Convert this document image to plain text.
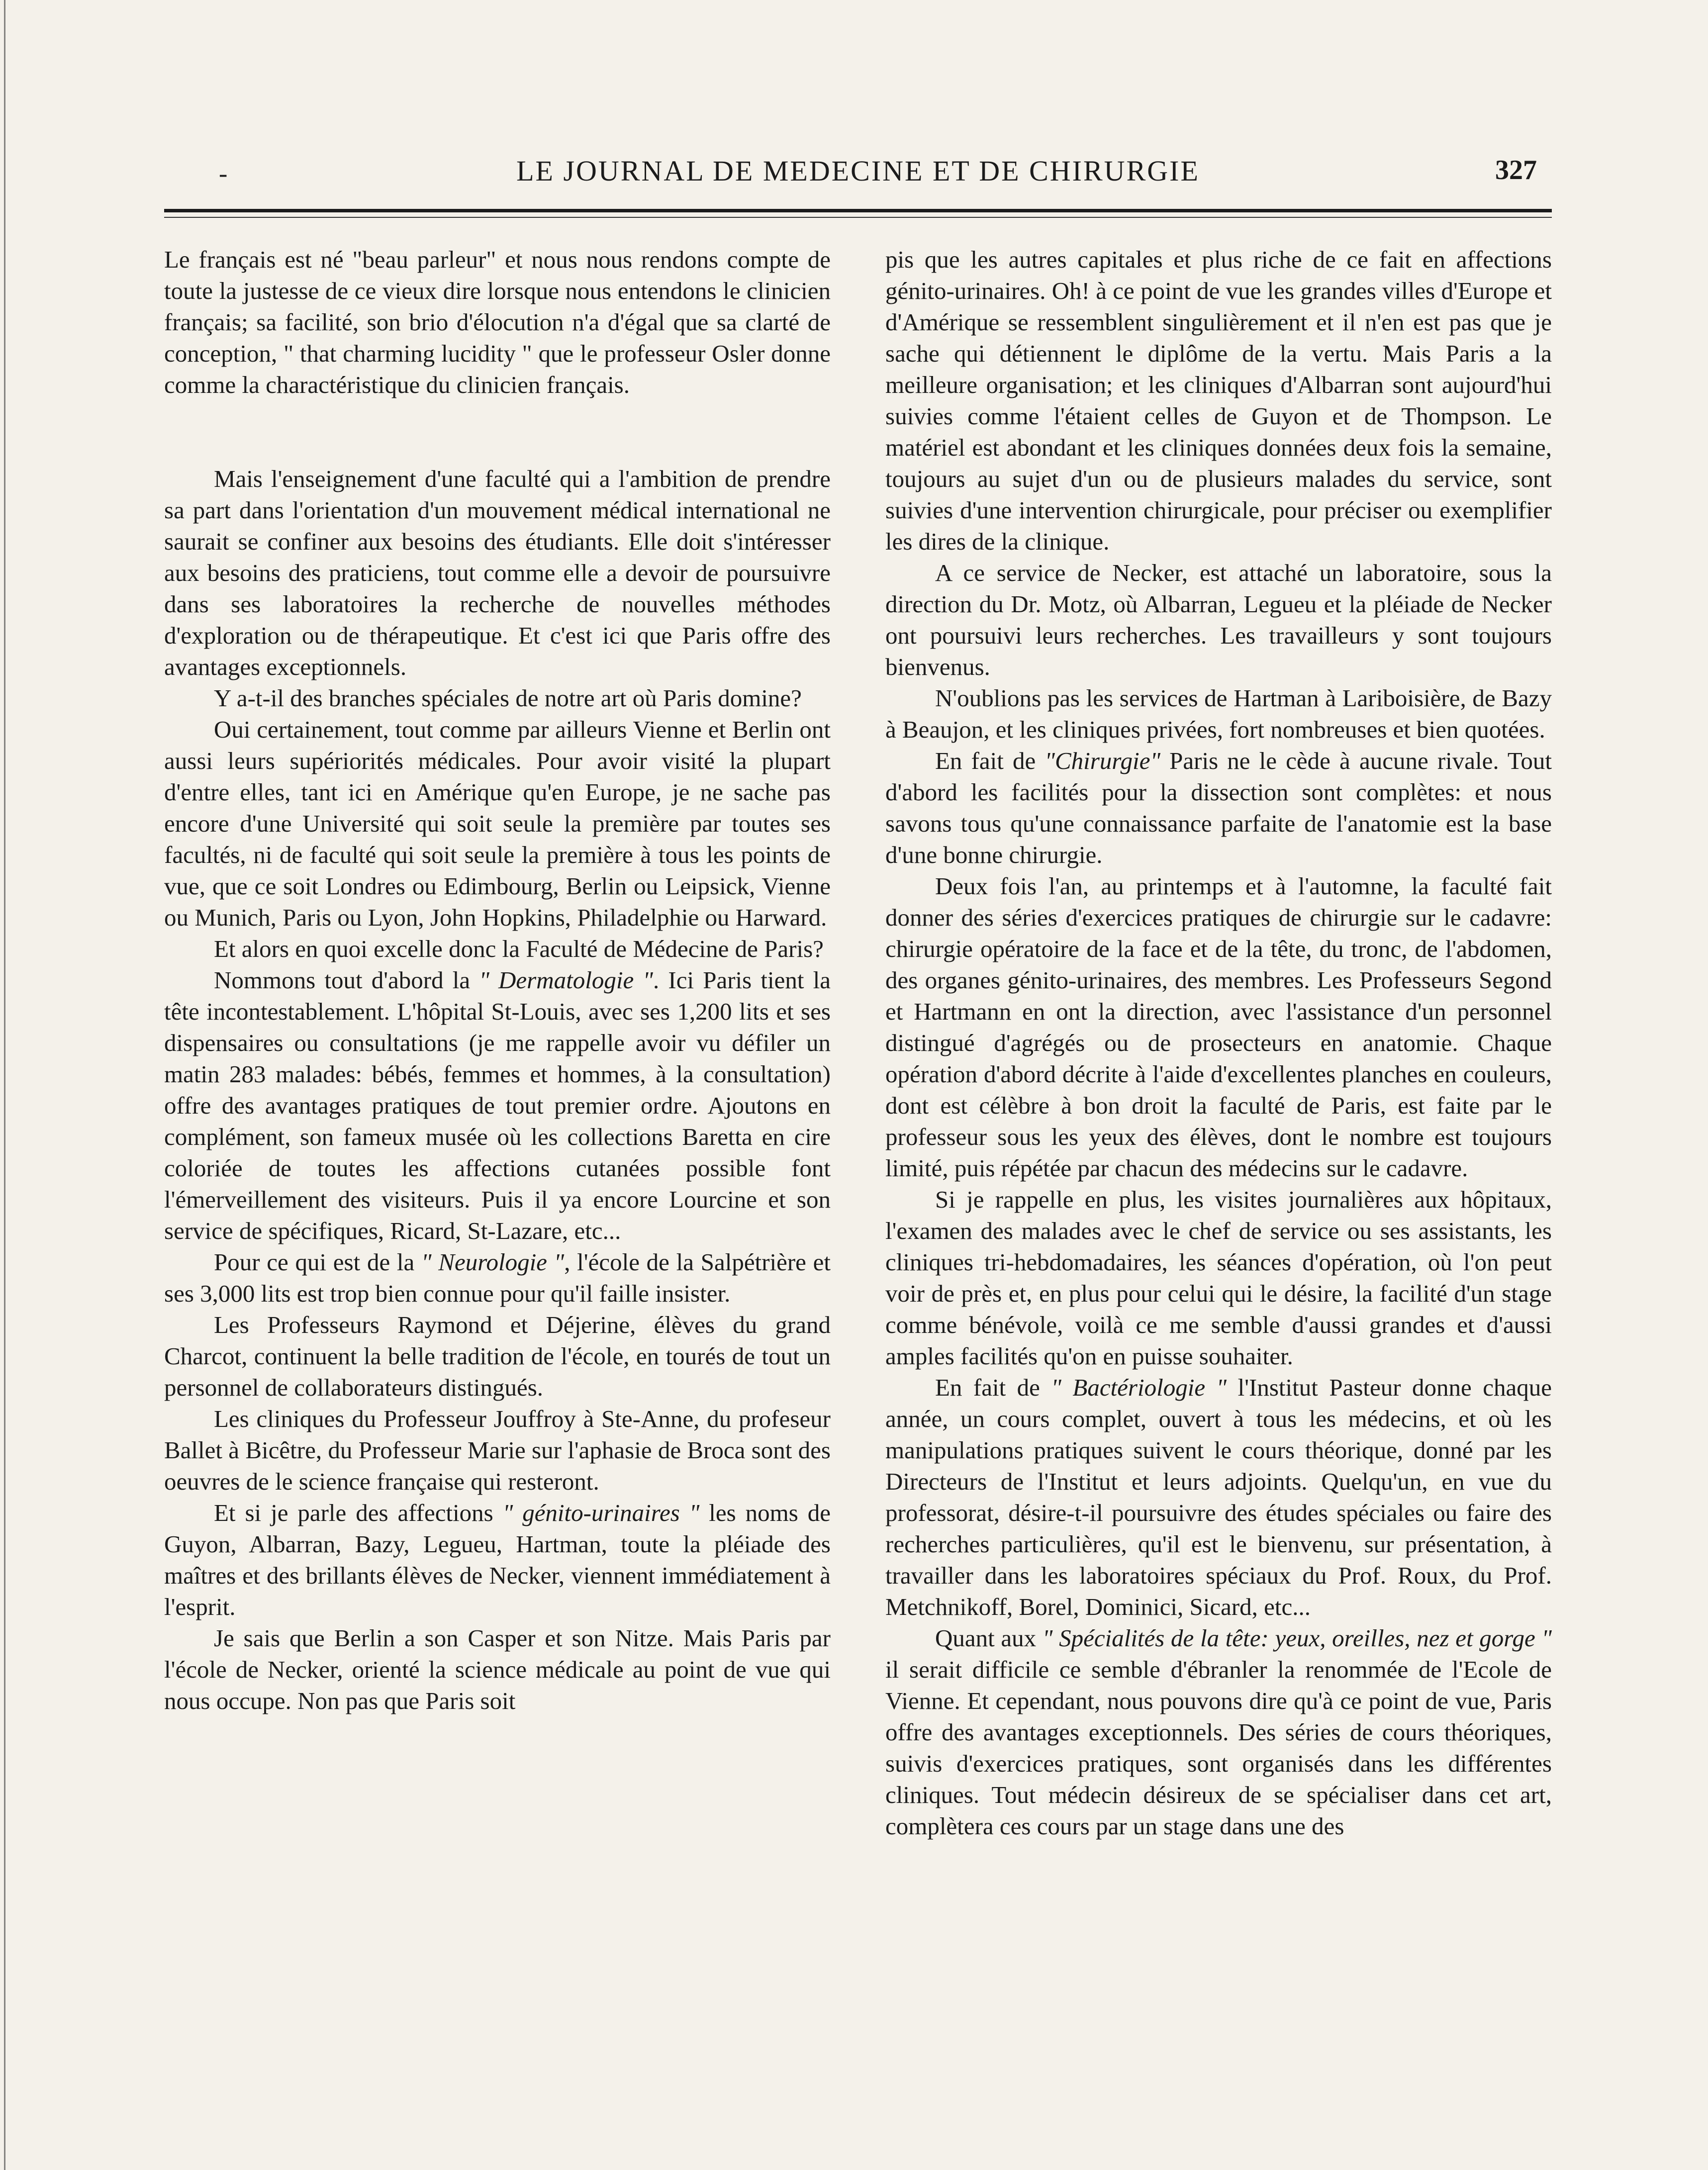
-	LE JOURNAL DE MEDECINE ET DE CHIRURGIE	327

Le français est né "beau parleur" et nous nous rendons compte de toute la justesse de ce vieux dire lorsque nous entendons le clinicien français; sa facilité, son brio d'élocution n'a d'égal que sa clarté de conception, " that charming lucidity " que le professeur Osler donne comme la charactéristique du clinicien français.

Mais l'enseignement d'une faculté qui a l'ambition de prendre sa part dans l'orientation d'un mouvement médical international ne saurait se confiner aux besoins des étudiants. Elle doit s'intéresser aux besoins des praticiens, tout comme elle a devoir de poursuivre dans ses laboratoires la recherche de nouvelles méthodes d'exploration ou de thérapeutique. Et c'est ici que Paris offre des avantages exceptionnels.

Y a-t-il des branches spéciales de notre art où Paris domine?

Oui certainement, tout comme par ailleurs Vienne et Berlin ont aussi leurs supériorités médicales. Pour avoir visité la plupart d'entre elles, tant ici en Amérique qu'en Europe, je ne sache pas encore d'une Université qui soit seule la première par toutes ses facultés, ni de faculté qui soit seule la première à tous les points de vue, que ce soit Londres ou Edimbourg, Berlin ou Leipsick, Vienne ou Munich, Paris ou Lyon, John Hopkins, Philadelphie ou Harward.

Et alors en quoi excelle donc la Faculté de Médecine de Paris?

Nommons tout d'abord la " Dermatologie ". Ici Paris tient la tête incontestablement. L'hôpital St-Louis, avec ses 1,200 lits et ses dispensaires ou consultations (je me rappelle avoir vu défiler un matin 283 malades: bébés, femmes et hommes, à la consultation) offre des avantages pratiques de tout premier ordre. Ajoutons en complément, son fameux musée où les collections Baretta en cire coloriée de toutes les affections cutanées possible font l'émerveillement des visiteurs. Puis il ya encore Lourcine et son service de spécifiques, Ricard, St-Lazare, etc...

Pour ce qui est de la " Neurologie ", l'école de la Salpétrière et ses 3,000 lits est trop bien connue pour qu'il faille insister.

Les Professeurs Raymond et Déjerine, élèves du grand Charcot, continuent la belle tradition de l'école, en tourés de tout un personnel de collaborateurs distingués.

Les cliniques du Professeur Jouffroy à Ste-Anne, du profeseur Ballet à Bicêtre, du Professeur Marie sur l'aphasie de Broca sont des oeuvres de le science française qui resteront.

Et si je parle des affections " génito-urinaires " les noms de Guyon, Albarran, Bazy, Legueu, Hartman, toute la pléiade des maîtres et des brillants élèves de Necker, viennent immédiatement à l'esprit.

Je sais que Berlin a son Casper et son Nitze. Mais Paris par l'école de Necker, orienté la science médicale au point de vue qui nous occupe. Non pas que Paris soit

pis que les autres capitales et plus riche de ce fait en affections génito-urinaires. Oh! à ce point de vue les grandes villes d'Europe et d'Amérique se ressemblent singulièrement et il n'en est pas que je sache qui détiennent le diplôme de la vertu. Mais Paris a la meilleure organisation; et les cliniques d'Albarran sont aujourd'hui suivies comme l'étaient celles de Guyon et de Thompson. Le matériel est abondant et les cliniques données deux fois la semaine, toujours au sujet d'un ou de plusieurs malades du service, sont suivies d'une intervention chirurgicale, pour préciser ou exemplifier les dires de la clinique.

A ce service de Necker, est attaché un laboratoire, sous la direction du Dr. Motz, où Albarran, Legueu et la pléiade de Necker ont poursuivi leurs recherches. Les travailleurs y sont toujours bienvenus.

N'oublions pas les services de Hartman à Lariboisière, de Bazy à Beaujon, et les cliniques privées, fort nombreuses et bien quotées.

En fait de "Chirurgie" Paris ne le cède à aucune rivale. Tout d'abord les facilités pour la dissection sont complètes: et nous savons tous qu'une connaissance parfaite de l'anatomie est la base d'une bonne chirurgie.

Deux fois l'an, au printemps et à l'automne, la faculté fait donner des séries d'exercices pratiques de chirurgie sur le cadavre: chirurgie opératoire de la face et de la tête, du tronc, de l'abdomen, des organes génito-urinaires, des membres. Les Professeurs Segond et Hartmann en ont la direction, avec l'assistance d'un personnel distingué d'agrégés ou de prosecteurs en anatomie. Chaque opération d'abord décrite à l'aide d'excellentes planches en couleurs, dont est célèbre à bon droit la faculté de Paris, est faite par le professeur sous les yeux des élèves, dont le nombre est toujours limité, puis répétée par chacun des médecins sur le cadavre.

Si je rappelle en plus, les visites journalières aux hôpitaux, l'examen des malades avec le chef de service ou ses assistants, les cliniques tri-hebdomadaires, les séances d'opération, où l'on peut voir de près et, en plus pour celui qui le désire, la facilité d'un stage comme bénévole, voilà ce me semble d'aussi grandes et d'aussi amples facilités qu'on en puisse souhaiter.

En fait de " Bactériologie " l'Institut Pasteur donne chaque année, un cours complet, ouvert à tous les médecins, et où les manipulations pratiques suivent le cours théorique, donné par les Directeurs de l'Institut et leurs adjoints. Quelqu'un, en vue du professorat, désire-t-il poursuivre des études spéciales ou faire des recherches particulières, qu'il est le bienvenu, sur présentation, à travailler dans les laboratoires spéciaux du Prof. Roux, du Prof. Metchnikoff, Borel, Dominici, Sicard, etc...

Quant aux " Spécialités de la tête: yeux, oreilles, nez et gorge " il serait difficile ce semble d'ébranler la renommée de l'Ecole de Vienne. Et cependant, nous pouvons dire qu'à ce point de vue, Paris offre des avantages exceptionnels. Des séries de cours théoriques, suivis d'exercices pratiques, sont organisés dans les différentes cliniques. Tout médecin désireux de se spécialiser dans cet art, complètera ces cours par un stage dans une des
